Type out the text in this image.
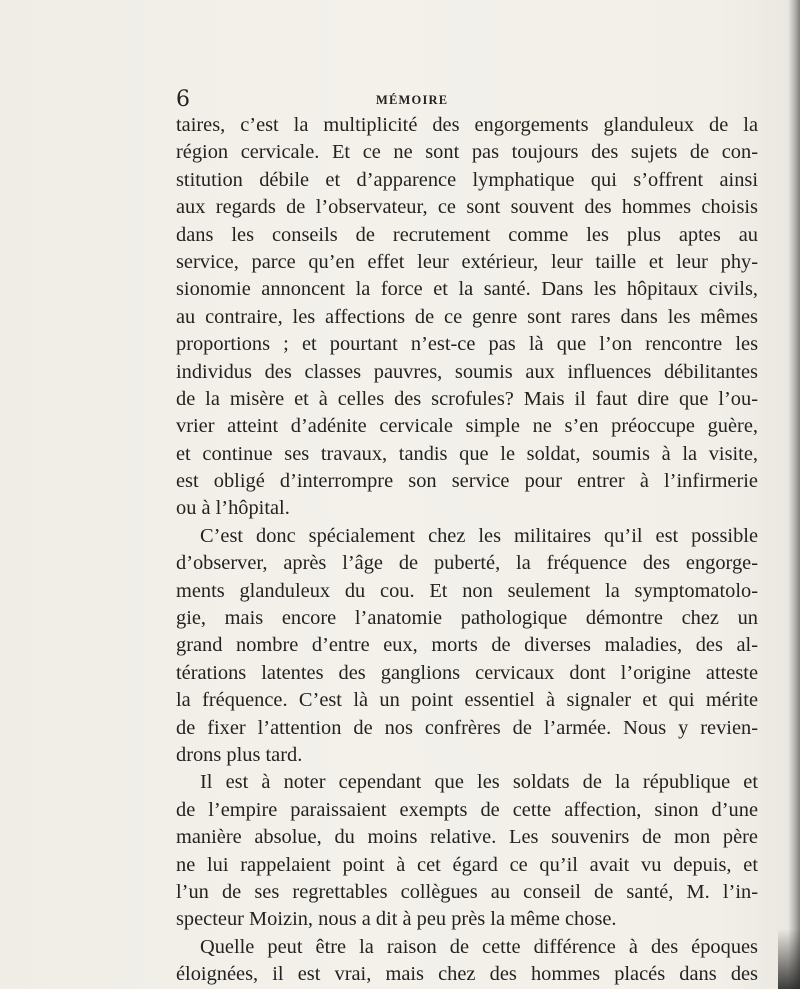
6	MÉMOIRE
taires, c’est la multiplicité des engorgements glanduleux de la
région cervicale. Et ce ne sont pas toujours des sujets de con-
stitution débile et d’apparence lymphatique qui s’offrent ainsi
aux regards de l’observateur, ce sont souvent des hommes choisis
dans les conseils de recrutement comme les plus aptes au
service, parce qu’en effet leur extérieur, leur taille et leur phy-
sionomie annoncent la force et la santé. Dans les hôpitaux civils,
au contraire, les affections de ce genre sont rares dans les mêmes
proportions ; et pourtant n’est-ce pas là que l’on rencontre les
individus des classes pauvres, soumis aux influences débilitantes
de la misère et à celles des scrofules? Mais il faut dire que l’ou-
vrier atteint d’adénite cervicale simple ne s’en préoccupe guère,
et continue ses travaux, tandis que le soldat, soumis à la visite,
est obligé d’interrompre son service pour entrer à l’infirmerie
ou à l’hôpital.
C’est donc spécialement chez les militaires qu’il est possible
d’observer, après l’âge de puberté, la fréquence des engorge-
ments glanduleux du cou. Et non seulement la symptomatolo-
gie, mais encore l’anatomie pathologique démontre chez un
grand nombre d’entre eux, morts de diverses maladies, des al-
térations latentes des ganglions cervicaux dont l’origine atteste
la fréquence. C’est là un point essentiel à signaler et qui mérite
de fixer l’attention de nos confrères de l’armée. Nous y revien-
drons plus tard.
Il est à noter cependant que les soldats de la république et
de l’empire paraissaient exempts de cette affection, sinon d’une
manière absolue, du moins relative. Les souvenirs de mon père
ne lui rappelaient point à cet égard ce qu’il avait vu depuis, et
l’un de ses regrettables collègues au conseil de santé, M. l’in-
specteur Moizin, nous a dit à peu près la même chose.
Quelle peut être la raison de cette différence à des époques
éloignées, il est vrai, mais chez des hommes placés dans des
